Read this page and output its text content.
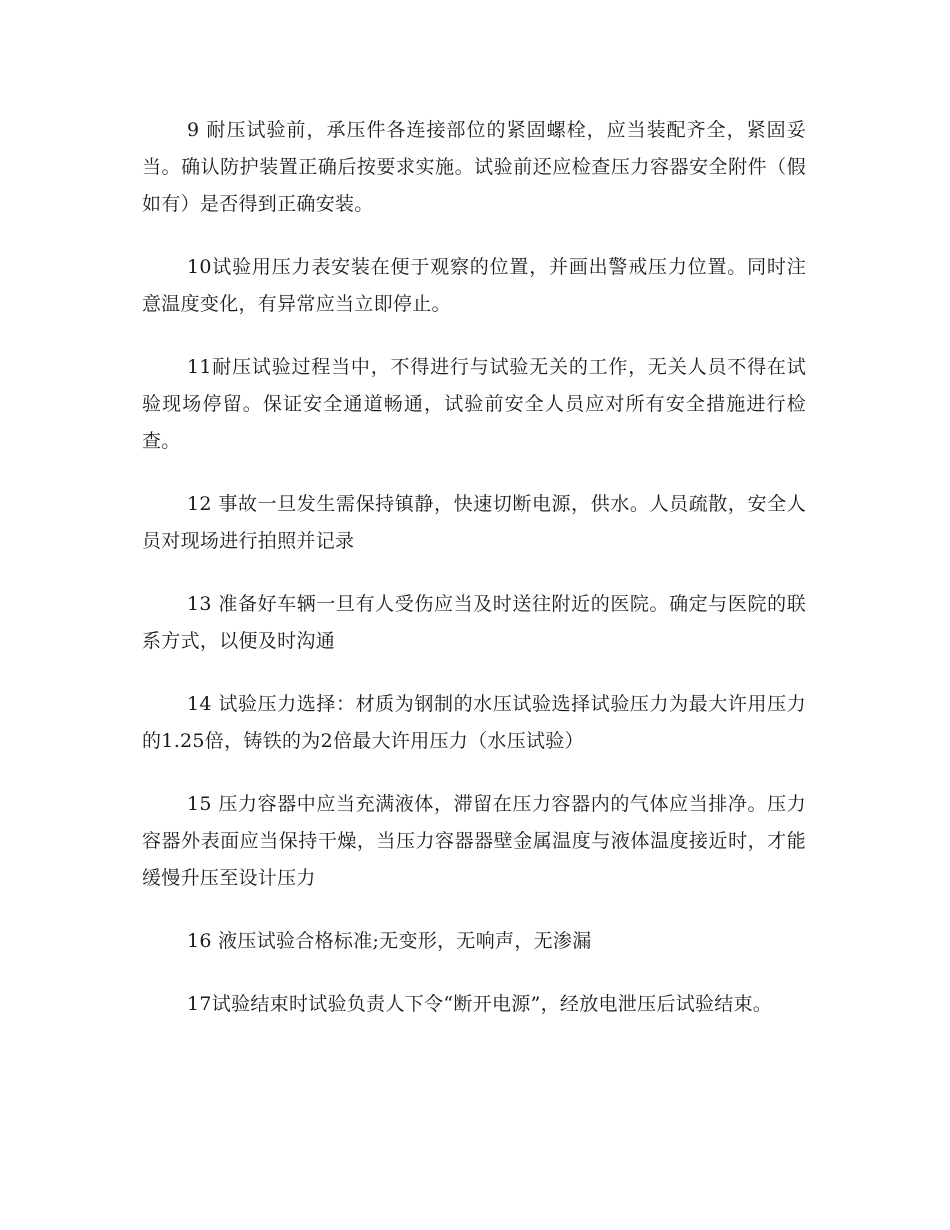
9 耐压试验前，承压件各连接部位的紧固螺栓，应当装配齐全，紧固妥当。确认防护装置正确后按要求实施。试验前还应检查压力容器安全附件（假如有）是否得到正确安装。

10试验用压力表安装在便于观察的位置，并画出警戒压力位置。同时注意温度变化，有异常应当立即停止。

11耐压试验过程当中，不得进行与试验无关的工作，无关人员不得在试验现场停留。保证安全通道畅通，试验前安全人员应对所有安全措施进行检查。

12 事故一旦发生需保持镇静，快速切断电源，供水。人员疏散，安全人员对现场进行拍照并记录

13 准备好车辆一旦有人受伤应当及时送往附近的医院。确定与医院的联系方式，以便及时沟通

14 试验压力选择：材质为钢制的水压试验选择试验压力为最大许用压力的1.25倍，铸铁的为2倍最大许用压力（水压试验）

15 压力容器中应当充满液体，滞留在压力容器内的气体应当排净。压力容器外表面应当保持干燥，当压力容器器壁金属温度与液体温度接近时，才能缓慢升压至设计压力

16 液压试验合格标准;无变形，无响声，无渗漏

17试验结束时试验负责人下令“断开电源”，经放电泄压后试验结束。
